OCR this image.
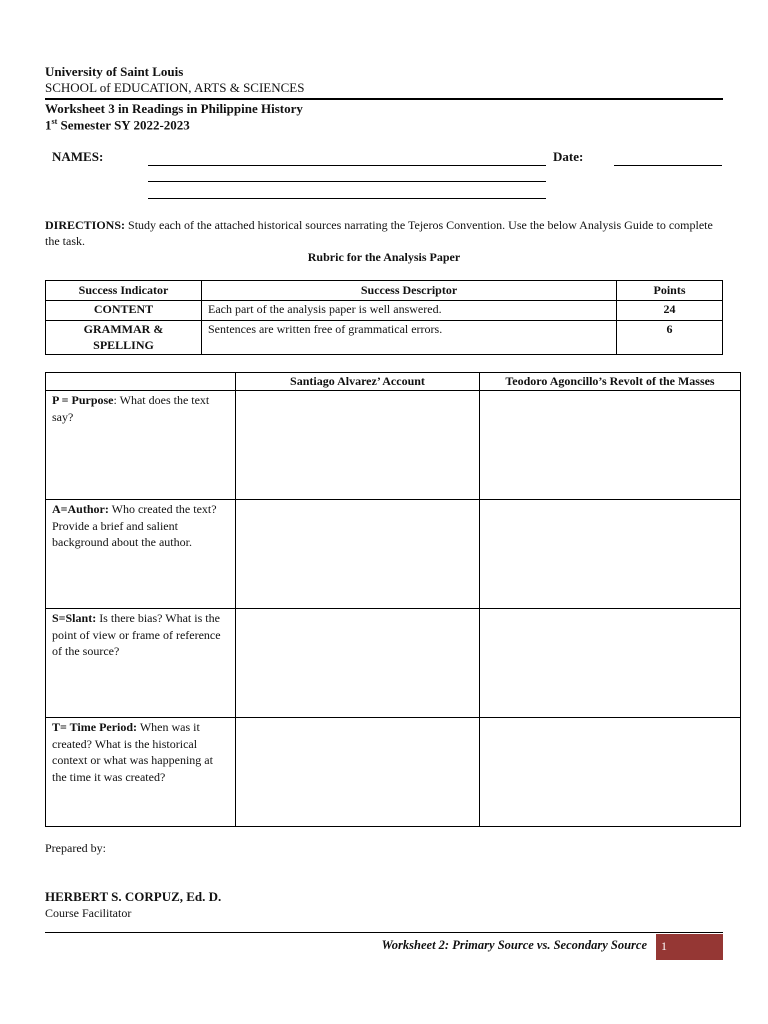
University of Saint Louis
SCHOOL of EDUCATION, ARTS & SCIENCES
Worksheet 3 in Readings in Philippine History
1st Semester SY 2022-2023
NAMES:	Date:
DIRECTIONS: Study each of the attached historical sources narrating the Tejeros Convention. Use the below Analysis Guide to complete the task.
Rubric for the Analysis Paper
Success Indicator	Success Descriptor	Points
CONTENT	Each part of the analysis paper is well answered.	24
GRAMMAR & SPELLING	Sentences are written free of grammatical errors.	6
	Santiago Alvarez’ Account	Teodoro Agoncillo’s Revolt of the Masses
P = Purpose: What does the text say?		
A=Author: Who created the text? Provide a brief and salient background about the author.		
S=Slant: Is there bias? What is the point of view or frame of reference of the source?		
T= Time Period: When was it created? What is the historical context or what was happening at the time it was created?		
Prepared by:
HERBERT S. CORPUZ, Ed. D.
Course Facilitator
Worksheet 2: Primary Source vs. Secondary Source 1
